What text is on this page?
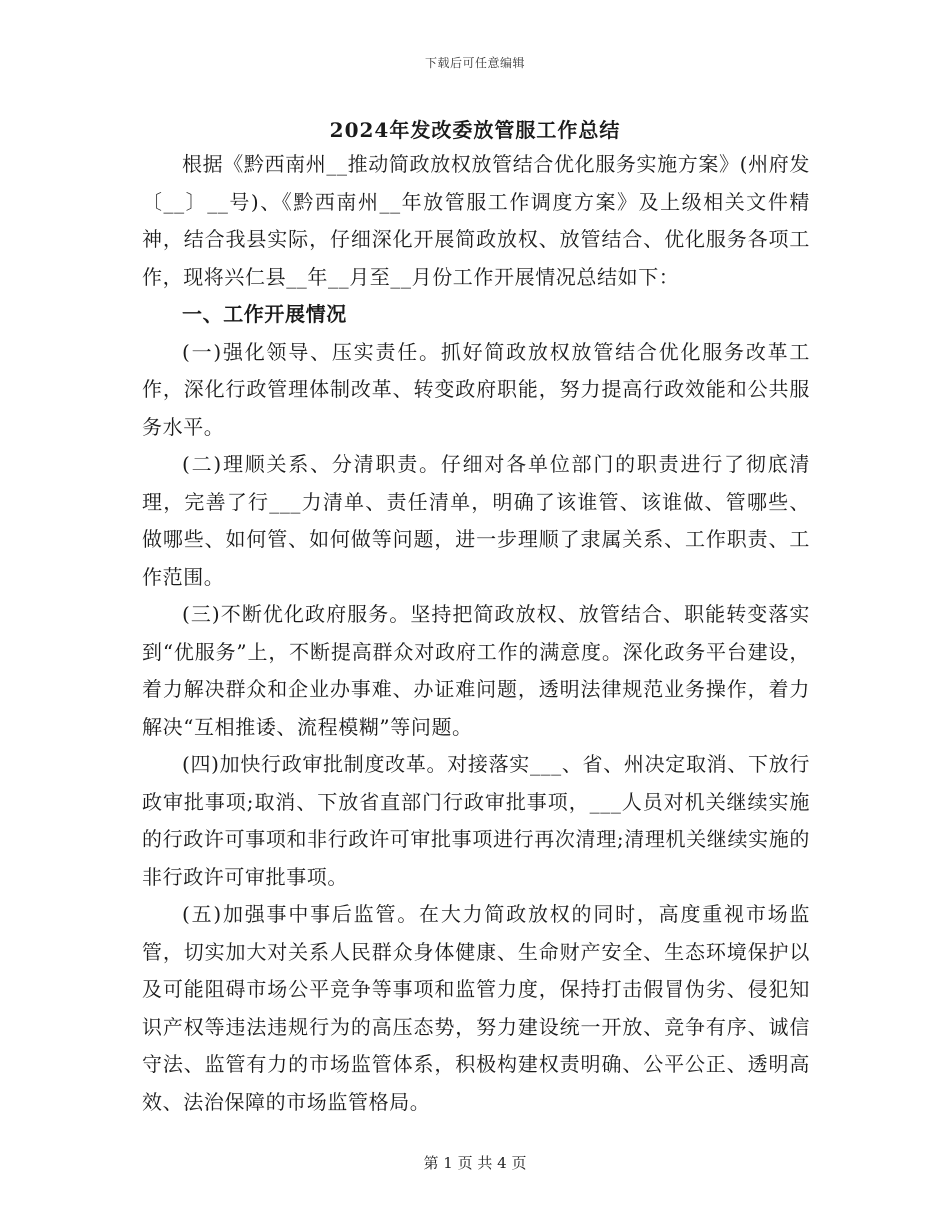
下载后可任意编辑
2024年发改委放管服工作总结

根据《黔西南州__推动简政放权放管结合优化服务实施方案》(州府发〔__〕__号)、《黔西南州__年放管服工作调度方案》及上级相关文件精神，结合我县实际，仔细深化开展简政放权、放管结合、优化服务各项工作，现将兴仁县__年__月至__月份工作开展情况总结如下：

一、工作开展情况

(一)强化领导、压实责任。抓好简政放权放管结合优化服务改革工作，深化行政管理体制改革、转变政府职能，努力提高行政效能和公共服务水平。

(二)理顺关系、分清职责。仔细对各单位部门的职责进行了彻底清理，完善了行___力清单、责任清单，明确了该谁管、该谁做、管哪些、做哪些、如何管、如何做等问题，进一步理顺了隶属关系、工作职责、工作范围。

(三)不断优化政府服务。坚持把简政放权、放管结合、职能转变落实到“优服务”上，不断提高群众对政府工作的满意度。深化政务平台建设，着力解决群众和企业办事难、办证难问题，透明法律规范业务操作，着力解决“互相推诿、流程模糊”等问题。

(四)加快行政审批制度改革。对接落实___、省、州决定取消、下放行政审批事项;取消、下放省直部门行政审批事项，___人员对机关继续实施的行政许可事项和非行政许可审批事项进行再次清理;清理机关继续实施的非行政许可审批事项。

(五)加强事中事后监管。在大力简政放权的同时，高度重视市场监管，切实加大对关系人民群众身体健康、生命财产安全、生态环境保护以及可能阻碍市场公平竞争等事项和监管力度，保持打击假冒伪劣、侵犯知识产权等违法违规行为的高压态势，努力建设统一开放、竞争有序、诚信守法、监管有力的市场监管体系，积极构建权责明确、公平公正、透明高效、法治保障的市场监管格局。

第 1 页 共 4 页
